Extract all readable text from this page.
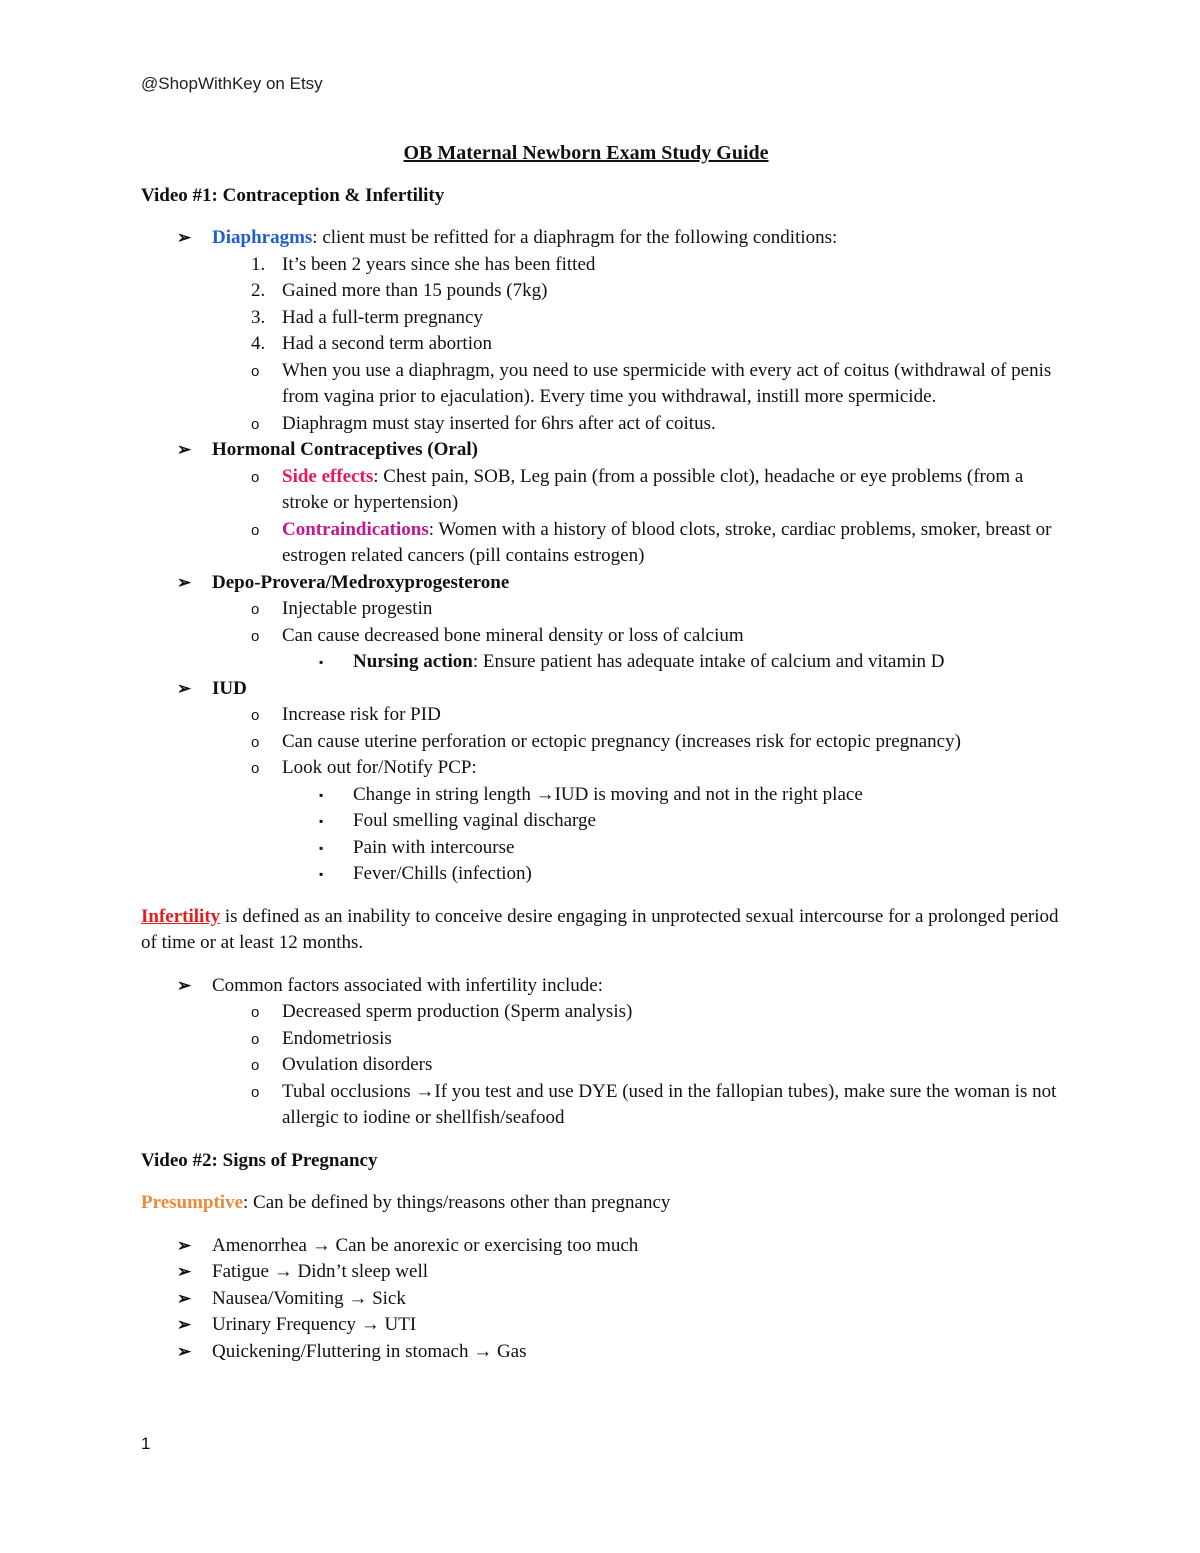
@ShopWithKey on Etsy
OB Maternal Newborn Exam Study Guide
Video #1: Contraception & Infertility
➢ Diaphragms: client must be refitted for a diaphragm for the following conditions:
1. It’s been 2 years since she has been fitted
2. Gained more than 15 pounds (7kg)
3. Had a full-term pregnancy
4. Had a second term abortion
o When you use a diaphragm, you need to use spermicide with every act of coitus (withdrawal of penis from vagina prior to ejaculation). Every time you withdrawal, instill more spermicide.
o Diaphragm must stay inserted for 6hrs after act of coitus.
➢ Hormonal Contraceptives (Oral)
o Side effects: Chest pain, SOB, Leg pain (from a possible clot), headache or eye problems (from a stroke or hypertension)
o Contraindications: Women with a history of blood clots, stroke, cardiac problems, smoker, breast or estrogen related cancers (pill contains estrogen)
➢ Depo-Provera/Medroxyprogesterone
o Injectable progestin
o Can cause decreased bone mineral density or loss of calcium
▪ Nursing action: Ensure patient has adequate intake of calcium and vitamin D
➢ IUD
o Increase risk for PID
o Can cause uterine perforation or ectopic pregnancy (increases risk for ectopic pregnancy)
o Look out for/Notify PCP:
▪ Change in string length →IUD is moving and not in the right place
▪ Foul smelling vaginal discharge
▪ Pain with intercourse
▪ Fever/Chills (infection)
Infertility is defined as an inability to conceive desire engaging in unprotected sexual intercourse for a prolonged period of time or at least 12 months.
➢ Common factors associated with infertility include:
o Decreased sperm production (Sperm analysis)
o Endometriosis
o Ovulation disorders
o Tubal occlusions →If you test and use DYE (used in the fallopian tubes), make sure the woman is not allergic to iodine or shellfish/seafood
Video #2: Signs of Pregnancy
Presumptive: Can be defined by things/reasons other than pregnancy
➢ Amenorrhea → Can be anorexic or exercising too much
➢ Fatigue → Didn’t sleep well
➢ Nausea/Vomiting → Sick
➢ Urinary Frequency → UTI
➢ Quickening/Fluttering in stomach → Gas
1
